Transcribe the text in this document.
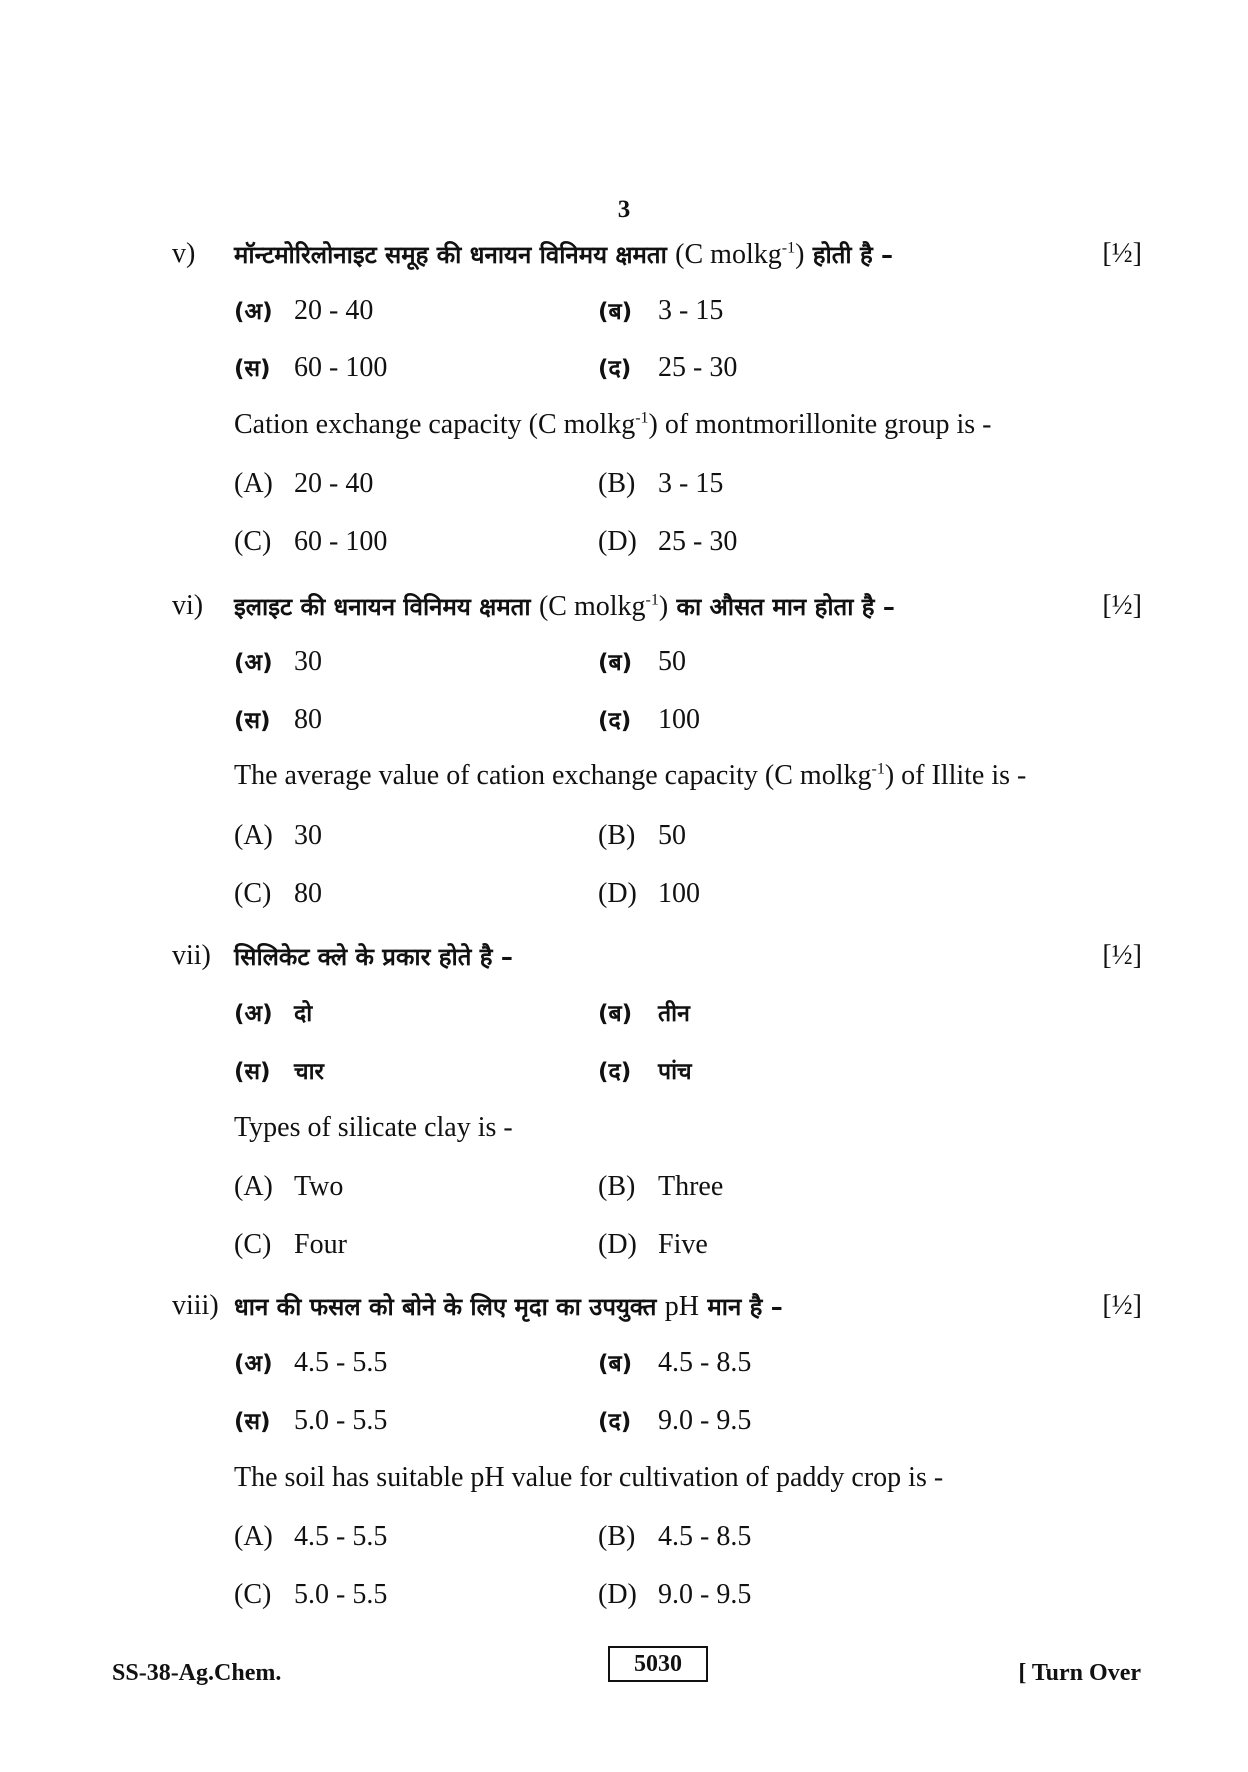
3
v) मॉन्टमोरिलोनाइट समूह की धनायन विनिमय क्षमता (C molkg$^{-1}$) होती है –	[½]
(अ) 20 - 40	(ब) 3 - 15
(स) 60 - 100	(द) 25 - 30
Cation exchange capacity (C molkg$^{-1}$) of montmorillonite group is -
(A) 20 - 40	(B) 3 - 15
(C) 60 - 100	(D) 25 - 30
vi) इलाइट की धनायन विनिमय क्षमता (C molkg$^{-1}$) का औसत मान होता है –	[½]
(अ) 30	(ब) 50
(स) 80	(द) 100
The average value of cation exchange capacity (C molkg$^{-1}$) of Illite is -
(A) 30	(B) 50
(C) 80	(D) 100
vii) सिलिकेट क्ले के प्रकार होते है –	[½]
(अ) दो	(ब) तीन
(स) चार	(द) पांच
Types of silicate clay is -
(A) Two	(B) Three
(C) Four	(D) Five
viii) धान की फसल को बोने के लिए मृदा का उपयुक्त pH मान है –	[½]
(अ) 4.5 - 5.5	(ब) 4.5 - 8.5
(स) 5.0 - 5.5	(द) 9.0 - 9.5
The soil has suitable pH value for cultivation of paddy crop is -
(A) 4.5 - 5.5	(B) 4.5 - 8.5
(C) 5.0 - 5.5	(D) 9.0 - 9.5
SS-38-Ag.Chem.	5030	[ Turn Over
